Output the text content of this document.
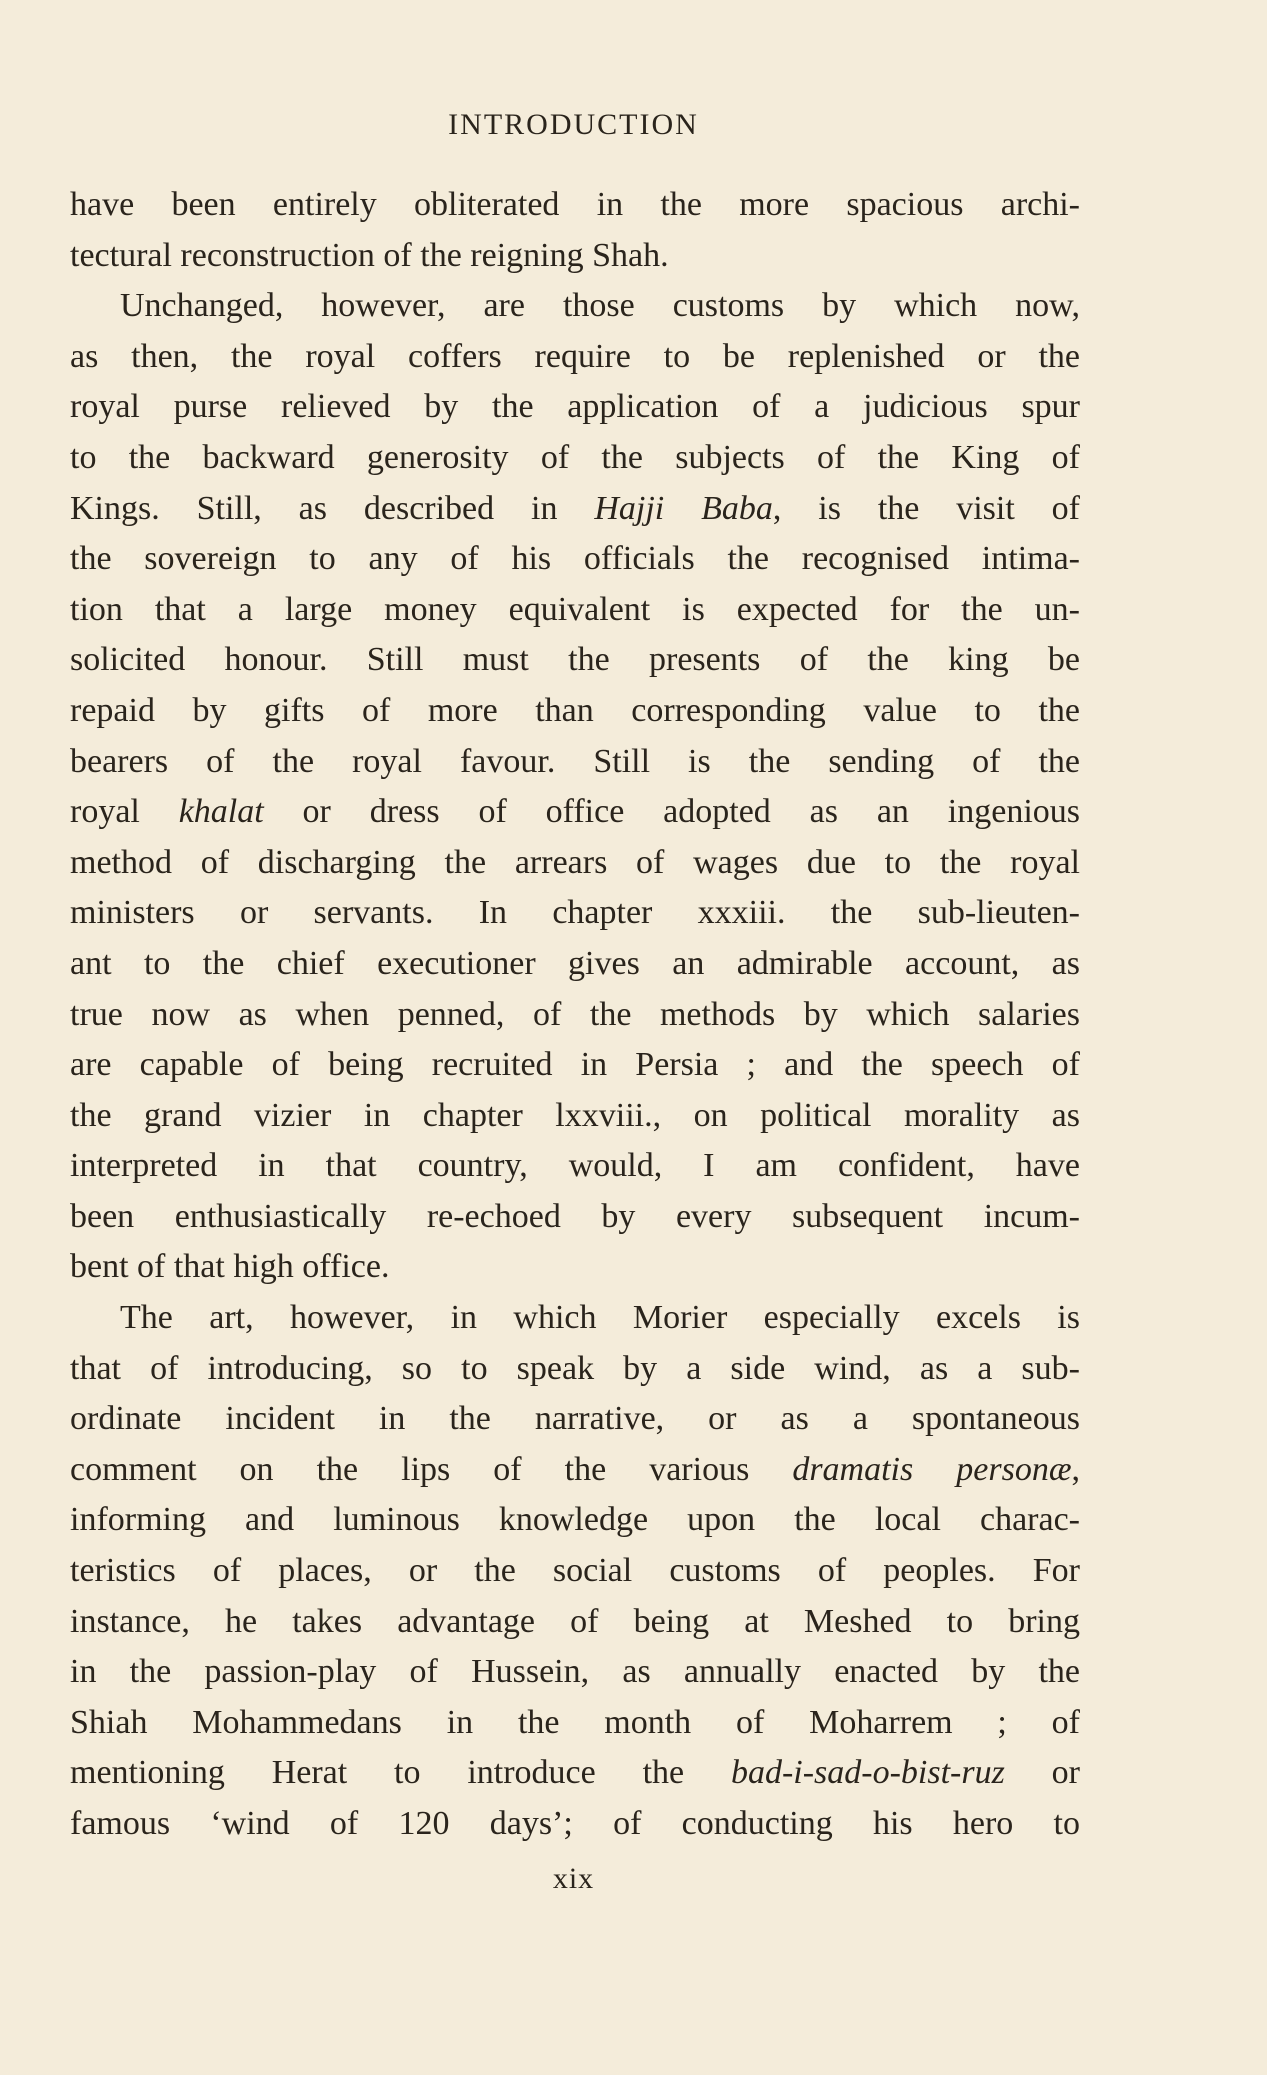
INTRODUCTION
have been entirely obliterated in the more spacious archi-
tectural reconstruction of the reigning Shah.
Unchanged, however, are those customs by which now,
as then, the royal coffers require to be replenished or the
royal purse relieved by the application of a judicious spur
to the backward generosity of the subjects of the King of
Kings. Still, as described in Hajji Baba, is the visit of
the sovereign to any of his officials the recognised intima-
tion that a large money equivalent is expected for the un-
solicited honour. Still must the presents of the king be
repaid by gifts of more than corresponding value to the
bearers of the royal favour. Still is the sending of the
royal khalat or dress of office adopted as an ingenious
method of discharging the arrears of wages due to the royal
ministers or servants. In chapter xxxiii. the sub-lieuten-
ant to the chief executioner gives an admirable account, as
true now as when penned, of the methods by which salaries
are capable of being recruited in Persia ; and the speech of
the grand vizier in chapter lxxviii., on political morality as
interpreted in that country, would, I am confident, have
been enthusiastically re-echoed by every subsequent incum-
bent of that high office.
The art, however, in which Morier especially excels is
that of introducing, so to speak by a side wind, as a sub-
ordinate incident in the narrative, or as a spontaneous
comment on the lips of the various dramatis personæ,
informing and luminous knowledge upon the local charac-
teristics of places, or the social customs of peoples. For
instance, he takes advantage of being at Meshed to bring
in the passion-play of Hussein, as annually enacted by the
Shiah Mohammedans in the month of Moharrem ; of
mentioning Herat to introduce the bad-i-sad-o-bist-ruz or
famous ‘wind of 120 days’; of conducting his hero to
xix
